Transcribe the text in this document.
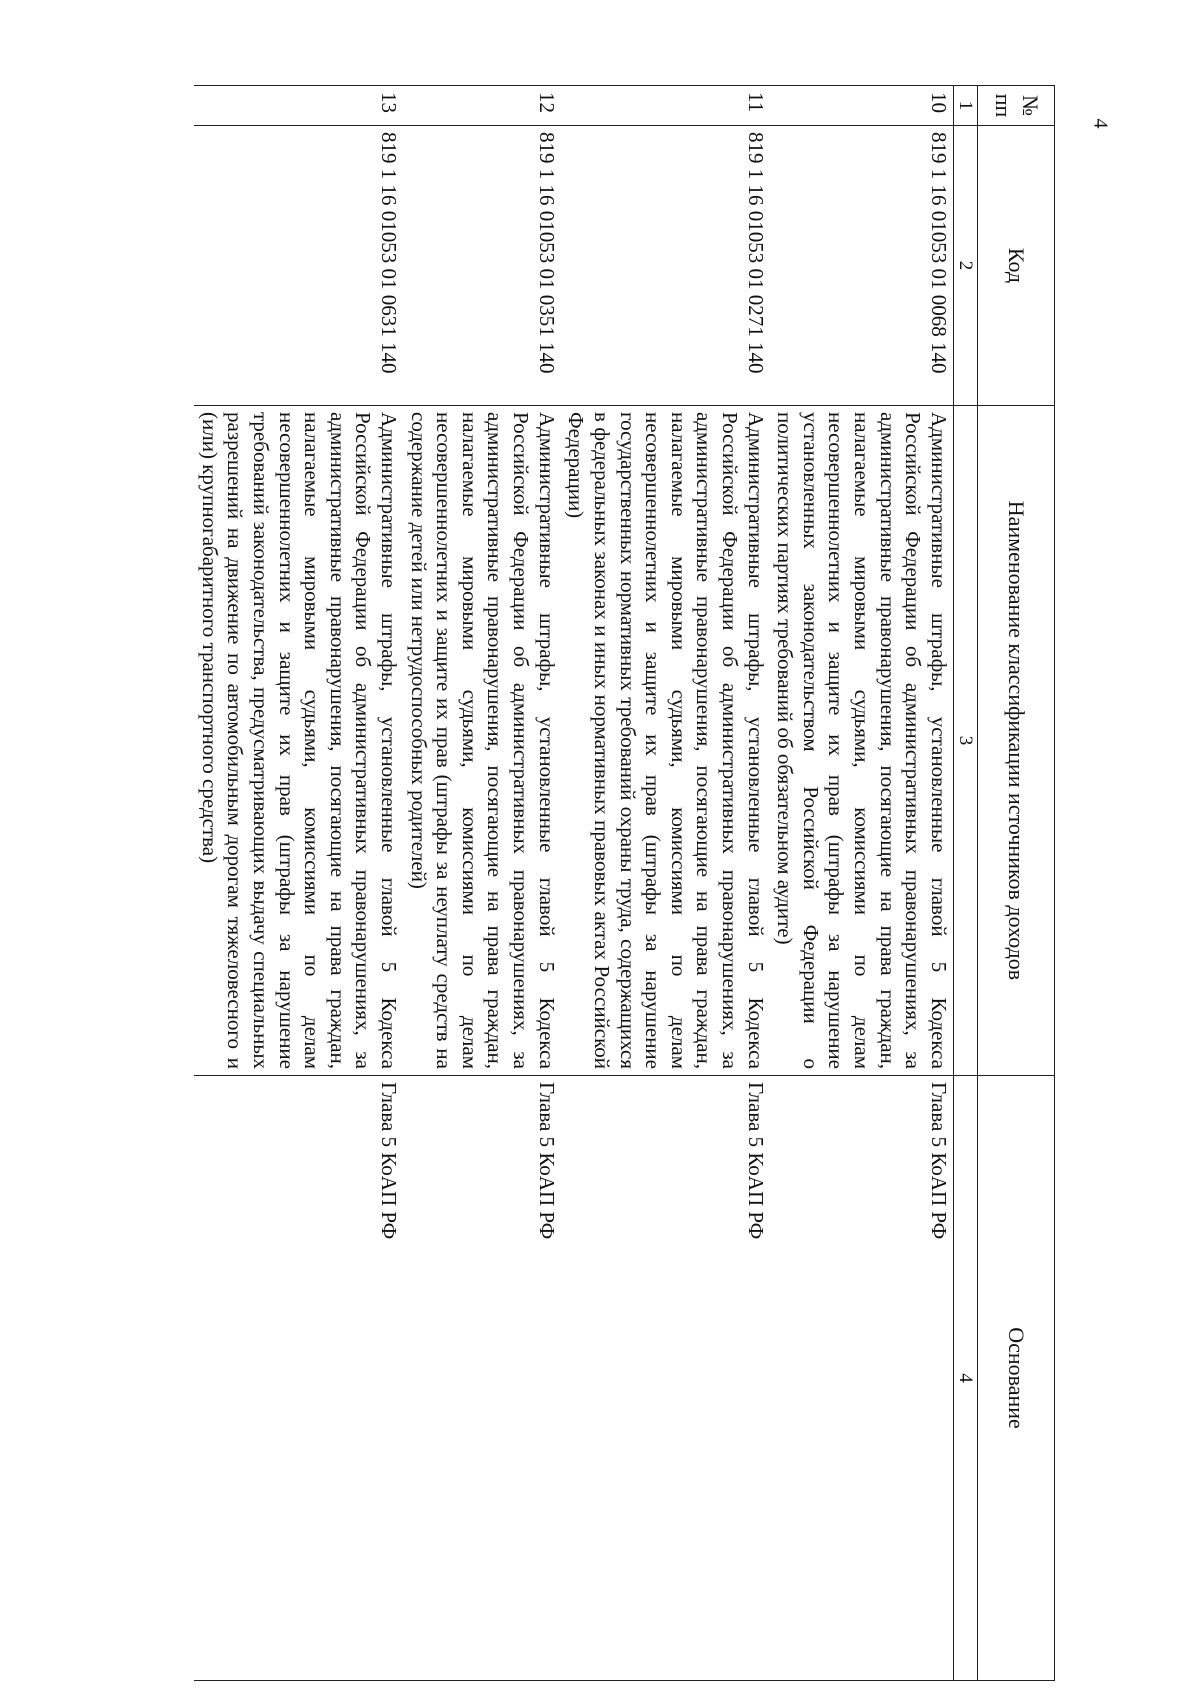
4
№ пп	Код	Наименование классификации источников доходов	Основание
1	2	3	4
10	819 1 16 01053 01 0068 140	Административные штрафы, установленные главой 5 Кодекса Российской Федерации об административных правонарушениях, за административные правонарушения, посягающие на права граждан, налагаемые мировыми судьями, комиссиями по делам несовершеннолетних и защите их прав (штрафы за нарушение установленных законодательством Российской Федерации о политических партиях требований об обязательном аудите)	Глава 5 КоАП РФ
11	819 1 16 01053 01 0271 140	Административные штрафы, установленные главой 5 Кодекса Российской Федерации об административных правонарушениях, за административные правонарушения, посягающие на права граждан, налагаемые мировыми судьями, комиссиями по делам несовершеннолетних и защите их прав (штрафы за нарушение государственных нормативных требований охраны труда, содержащихся в федеральных законах и иных нормативных правовых актах Российской Федерации)	Глава 5 КоАП РФ
12	819 1 16 01053 01 0351 140	Административные штрафы, установленные главой 5 Кодекса Российской Федерации об административных правонарушениях, за административные правонарушения, посягающие на права граждан, налагаемые мировыми судьями, комиссиями по делам несовершеннолетних и защите их прав (штрафы за неуплату средств на содержание детей или нетрудоспособных родителей)	Глава 5 КоАП РФ
13	819 1 16 01053 01 0631 140	Административные штрафы, установленные главой 5 Кодекса Российской Федерации об административных правонарушениях, за административные правонарушения, посягающие на права граждан, налагаемые мировыми судьями, комиссиями по делам несовершеннолетних и защите их прав (штрафы за нарушение требований законодательства, предусматривающих выдачу специальных разрешений на движение по автомобильным дорогам тяжеловесного и (или) крупногабаритного транспортного средства)	Глава 5 КоАП РФ
